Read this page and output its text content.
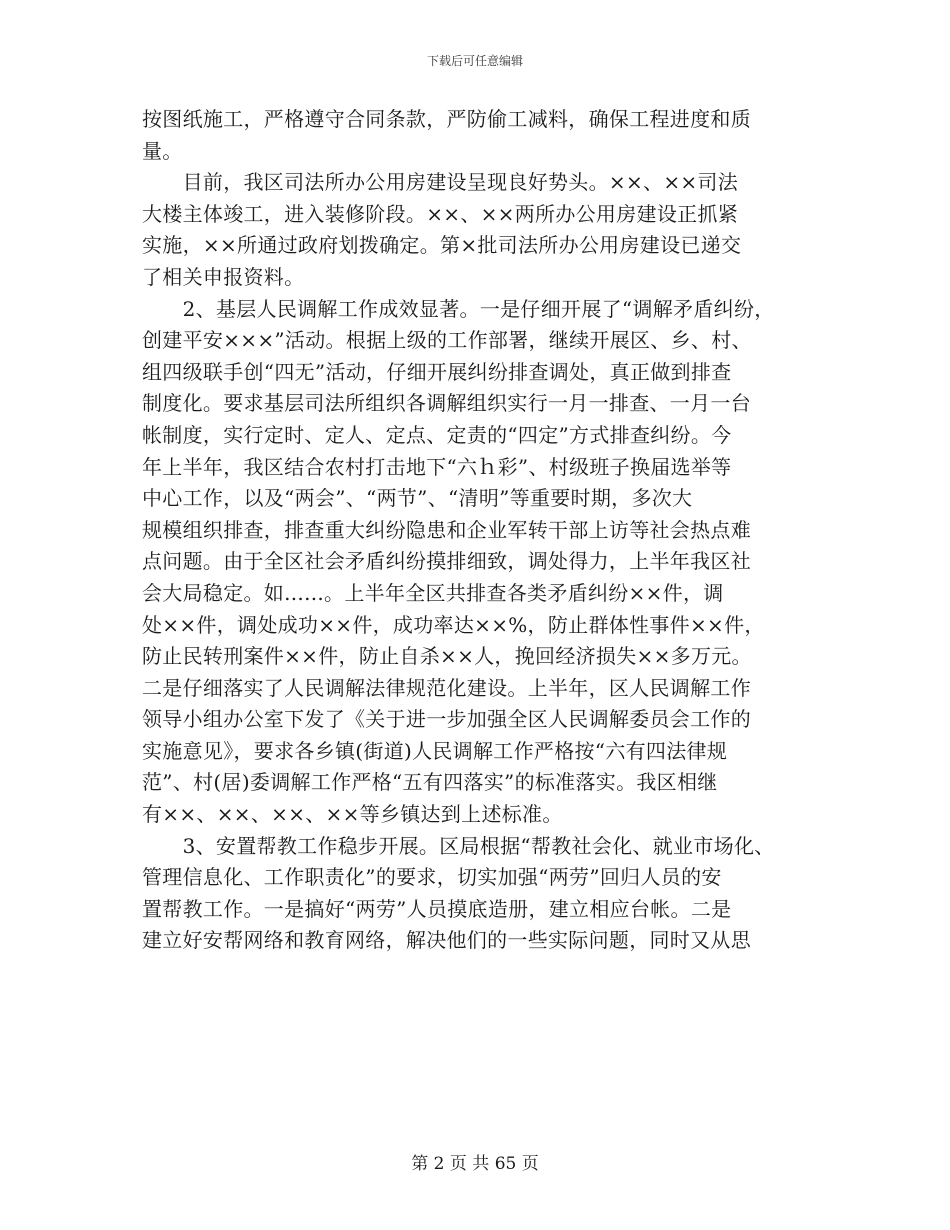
下载后可任意编辑
按图纸施工，严格遵守合同条款，严防偷工减料，确保工程进度和质
量。
　　目前，我区司法所办公用房建设呈现良好势头。××、××司法
大楼主体竣工，进入装修阶段。××、××两所办公用房建设正抓紧
实施，××所通过政府划拨确定。第×批司法所办公用房建设已递交
了相关申报资料。
　　2、基层人民调解工作成效显著。一是仔细开展了“调解矛盾纠纷，
创建平安×××”活动。根据上级的工作部署，继续开展区、乡、村、
组四级联手创“四无”活动，仔细开展纠纷排查调处，真正做到排查
制度化。要求基层司法所组织各调解组织实行一月一排查、一月一台
帐制度，实行定时、定人、定点、定责的“四定”方式排查纠纷。今
年上半年，我区结合农村打击地下“六ｈ彩”、村级班子换届选举等
中心工作，以及“两会”、“两节”、“清明”等重要时期，多次大
规模组织排查，排查重大纠纷隐患和企业军转干部上访等社会热点难
点问题。由于全区社会矛盾纠纷摸排细致，调处得力，上半年我区社
会大局稳定。如......。上半年全区共排查各类矛盾纠纷××件，调
处××件，调处成功××件，成功率达××%，防止群体性事件××件，
防止民转刑案件××件，防止自杀××人，挽回经济损失××多万元。
二是仔细落实了人民调解法律规范化建设。上半年，区人民调解工作
领导小组办公室下发了《关于进一步加强全区人民调解委员会工作的
实施意见》，要求各乡镇(街道)人民调解工作严格按“六有四法律规
范”、村(居)委调解工作严格“五有四落实”的标准落实。我区相继
有××、××、××、××等乡镇达到上述标准。
　　3、安置帮教工作稳步开展。区局根据“帮教社会化、就业市场化、
管理信息化、工作职责化”的要求，切实加强“两劳”回归人员的安
置帮教工作。一是搞好“两劳”人员摸底造册，建立相应台帐。二是
建立好安帮网络和教育网络，解决他们的一些实际问题，同时又从思
第 2 页 共 65 页
